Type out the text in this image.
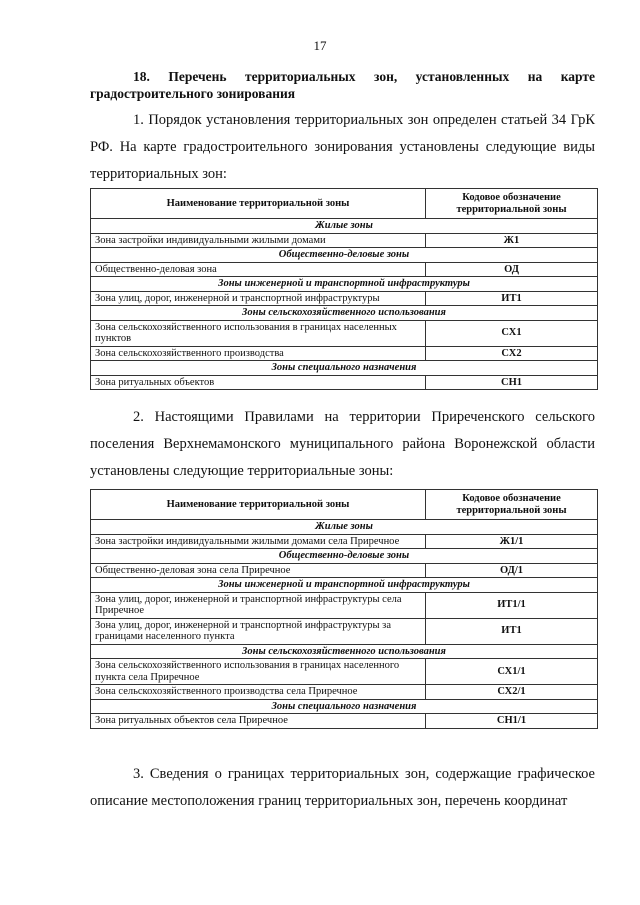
17
18. Перечень территориальных зон, установленных на карте градостроительного зонирования
1. Порядок установления территориальных зон определен статьей 34 ГрК РФ. На карте градостроительного зонирования установлены следующие виды территориальных зон:
Наименование территориальной зоны	Кодовое обозначение территориальной зоны
Жилые зоны	
Зона застройки индивидуальными жилыми домами	Ж1
Общественно-деловые зоны	
Общественно-деловая зона	ОД
Зоны инженерной и транспортной инфраструктуры	
Зона улиц, дорог, инженерной и транспортной инфраструктуры	ИТ1
Зоны сельскохозяйственного использования	
Зона сельскохозяйственного использования в границах населенных пунктов	СХ1
Зона сельскохозяйственного производства	СХ2
Зоны специального назначения	
Зона ритуальных объектов	СН1
2. Настоящими Правилами на территории Приреченского сельского поселения Верхнемамонского муниципального района Воронежской области установлены следующие территориальные зоны:
Наименование территориальной зоны	Кодовое обозначение территориальной зоны
Жилые зоны	
Зона застройки индивидуальными жилыми домами села Приречное	Ж1/1
Общественно-деловые зоны	
Общественно-деловая зона села Приречное	ОД/1
Зоны инженерной и транспортной инфраструктуры	
Зона улиц, дорог, инженерной и транспортной инфраструктуры села Приречное	ИТ1/1
Зона улиц, дорог, инженерной и транспортной инфраструктуры за границами населенного пункта	ИТ1
Зоны сельскохозяйственного использования	
Зона сельскохозяйственного использования в границах населенного пункта села Приречное	СХ1/1
Зона сельскохозяйственного производства села Приречное	СХ2/1
Зоны специального назначения	
Зона ритуальных объектов села Приречное	СН1/1
3. Сведения о границах территориальных зон, содержащие графическое описание местоположения границ территориальных зон, перечень координат
